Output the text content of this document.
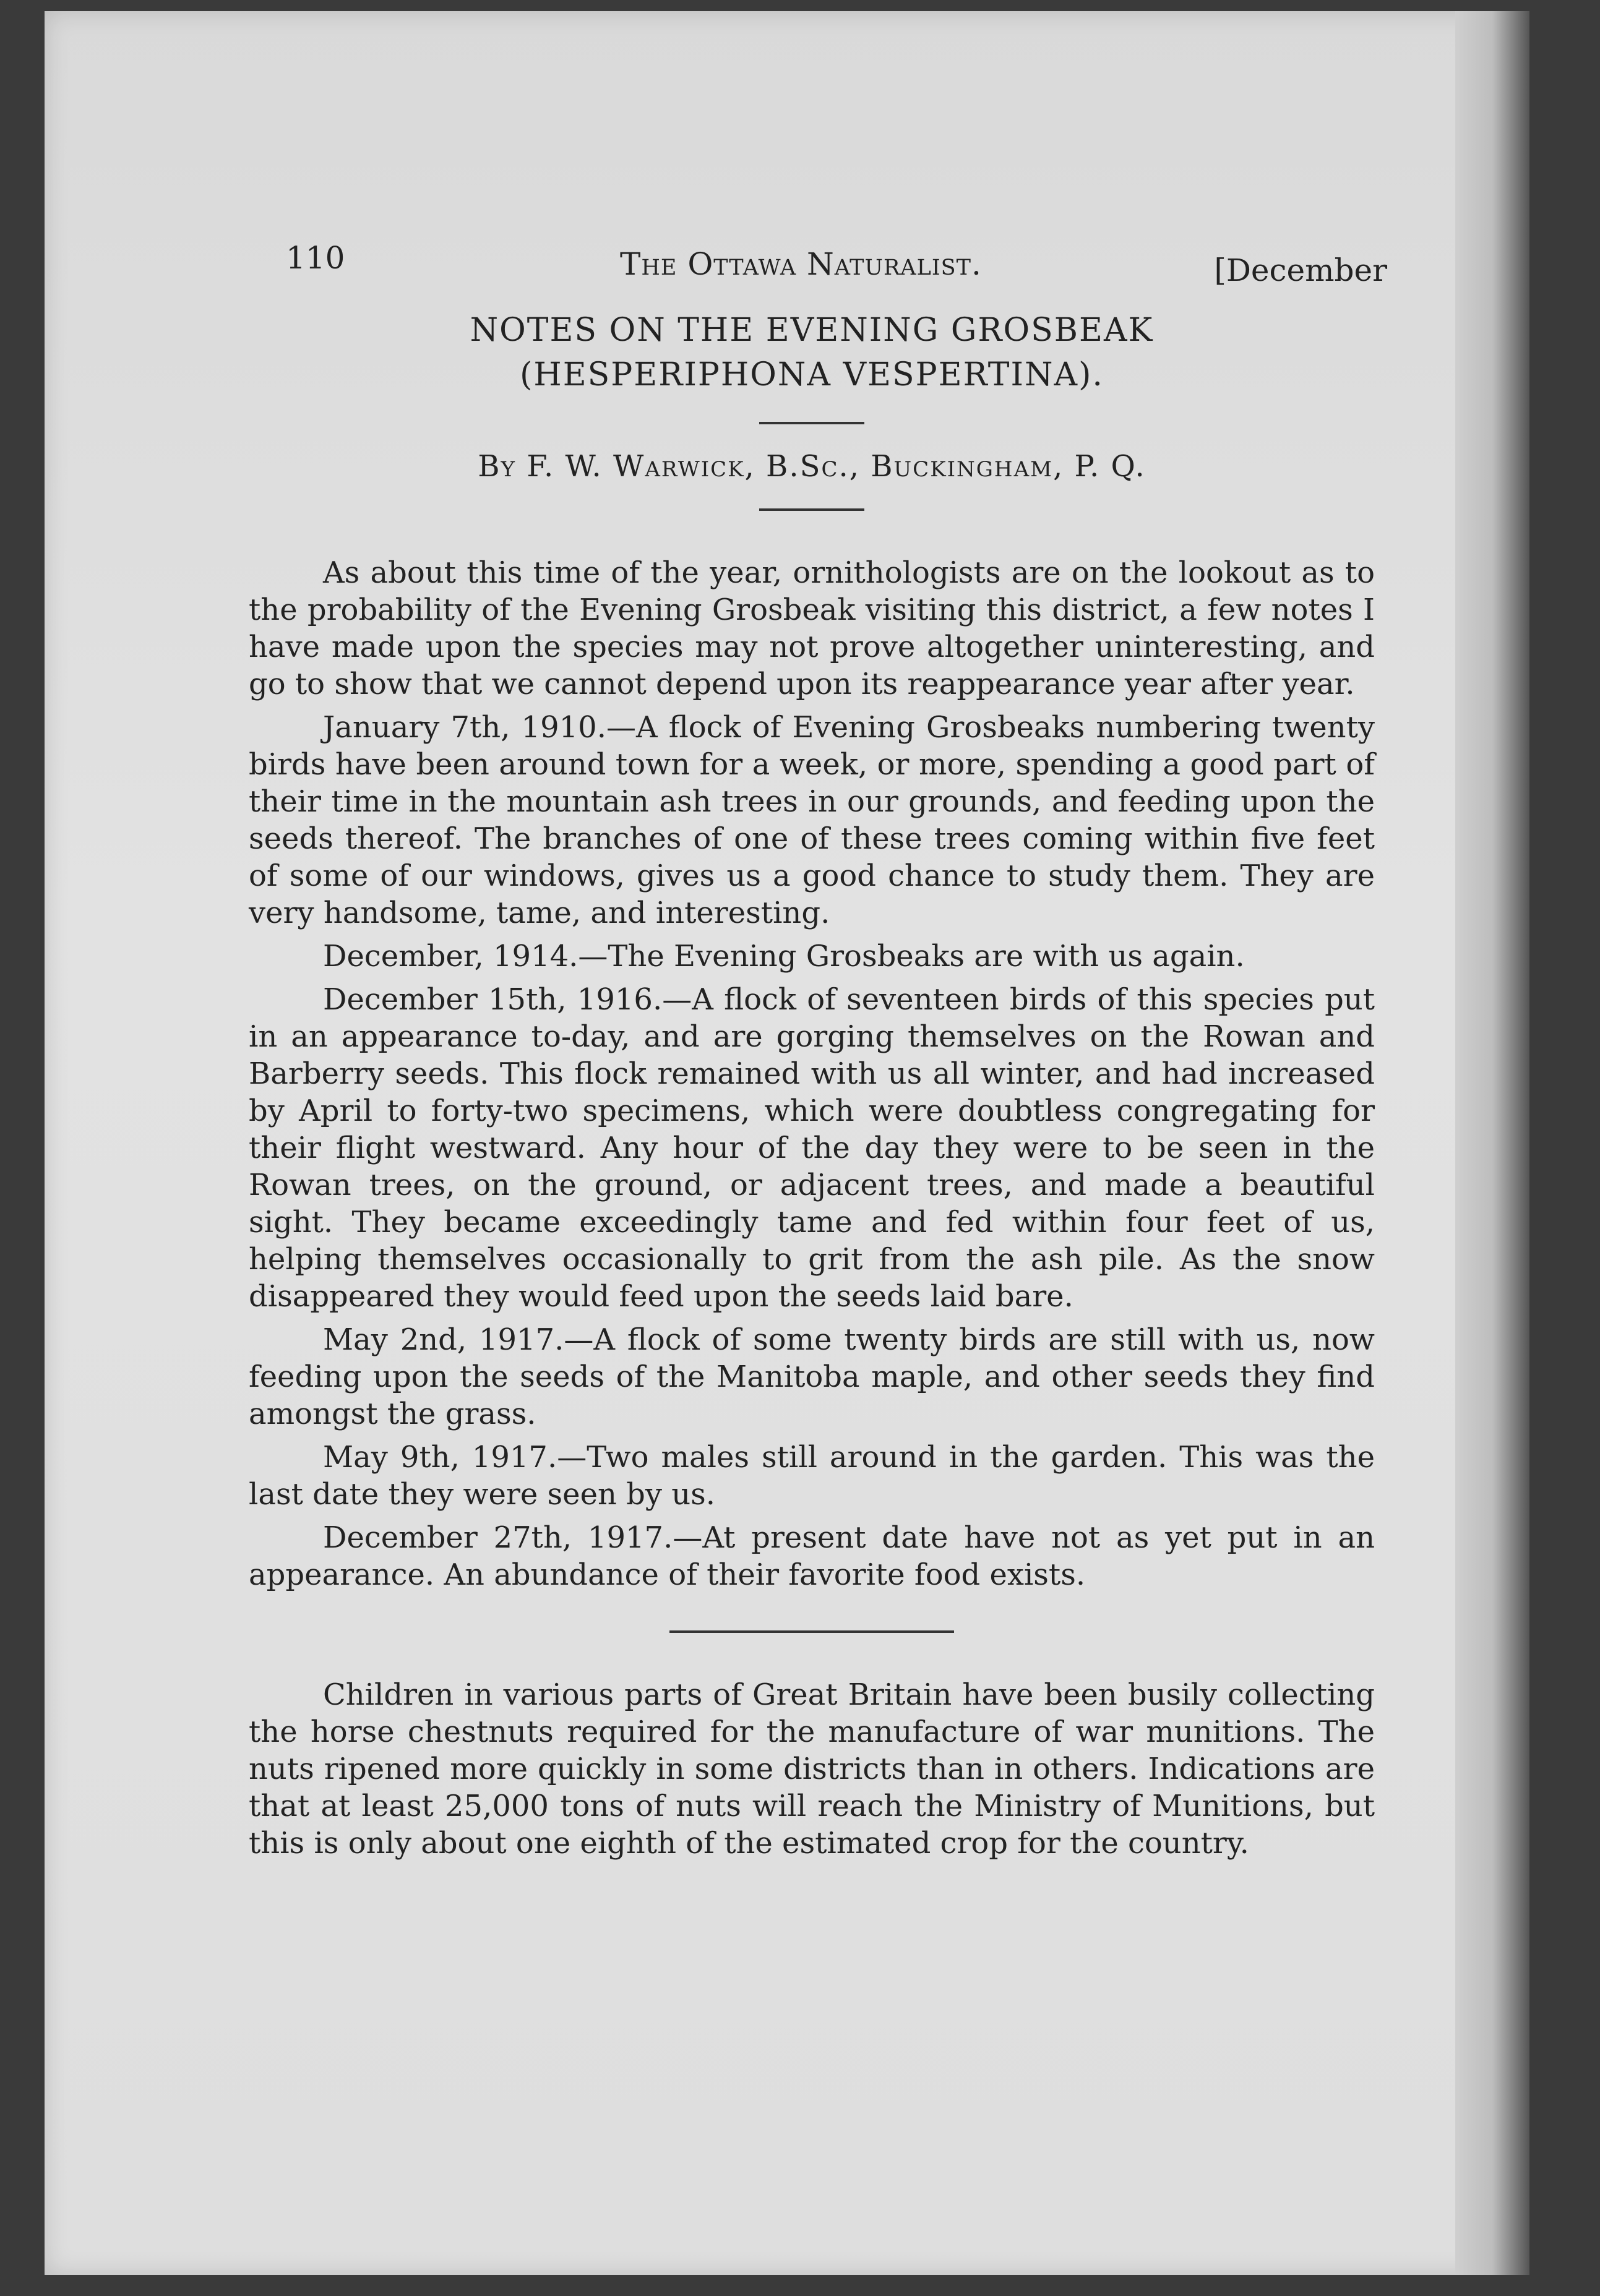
110	The Ottawa Naturalist.	[December
NOTES ON THE EVENING GROSBEAK
(HESPERIPHONA VESPERTINA).
By F. W. Warwick, B.Sc., Buckingham, P. Q.

As about this time of the year, ornithologists are on the lookout as to the probability of the Evening Grosbeak visiting this district, a few notes I have made upon the species may not prove altogether uninteresting, and go to show that we cannot depend upon its reappearance year after year.

January 7th, 1910.—A flock of Evening Grosbeaks numbering twenty birds have been around town for a week, or more, spending a good part of their time in the mountain ash trees in our grounds, and feeding upon the seeds thereof. The branches of one of these trees coming within five feet of some of our windows, gives us a good chance to study them. They are very handsome, tame, and interesting.

December, 1914.—The Evening Grosbeaks are with us again.

December 15th, 1916.—A flock of seventeen birds of this species put in an appearance to-day, and are gorging themselves on the Rowan and Barberry seeds. This flock remained with us all winter, and had increased by April to forty-two specimens, which were doubtless congregating for their flight westward. Any hour of the day they were to be seen in the Rowan trees, on the ground, or adjacent trees, and made a beautiful sight. They became exceedingly tame and fed within four feet of us, helping themselves occasionally to grit from the ash pile. As the snow disappeared they would feed upon the seeds laid bare.

May 2nd, 1917.—A flock of some twenty birds are still with us, now feeding upon the seeds of the Manitoba maple, and other seeds they find amongst the grass.

May 9th, 1917.—Two males still around in the garden. This was the last date they were seen by us.

December 27th, 1917.—At present date have not as yet put in an appearance. An abundance of their favorite food exists.

Children in various parts of Great Britain have been busily collecting the horse chestnuts required for the manufacture of war munitions. The nuts ripened more quickly in some districts than in others. Indications are that at least 25,000 tons of nuts will reach the Ministry of Munitions, but this is only about one eighth of the estimated crop for the country.
